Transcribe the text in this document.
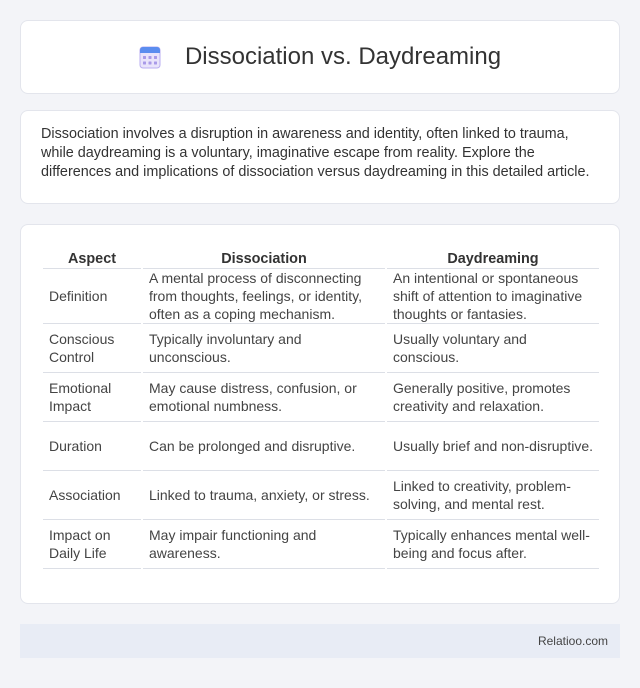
Dissociation vs. Daydreaming

Dissociation involves a disruption in awareness and identity, often linked to trauma, while daydreaming is a voluntary, imaginative escape from reality. Explore the differences and implications of dissociation versus daydreaming in this detailed article.

Aspect	Dissociation	Daydreaming
Definition	A mental process of disconnecting from thoughts, feelings, or identity, often as a coping mechanism.	An intentional or spontaneous shift of attention to imaginative thoughts or fantasies.
Conscious Control	Typically involuntary and unconscious.	Usually voluntary and conscious.
Emotional Impact	May cause distress, confusion, or emotional numbness.	Generally positive, promotes creativity and relaxation.
Duration	Can be prolonged and disruptive.	Usually brief and non-disruptive.
Association	Linked to trauma, anxiety, or stress.	Linked to creativity, problem-solving, and mental rest.
Impact on Daily Life	May impair functioning and awareness.	Typically enhances mental well-being and focus after.
Relatioo.com
